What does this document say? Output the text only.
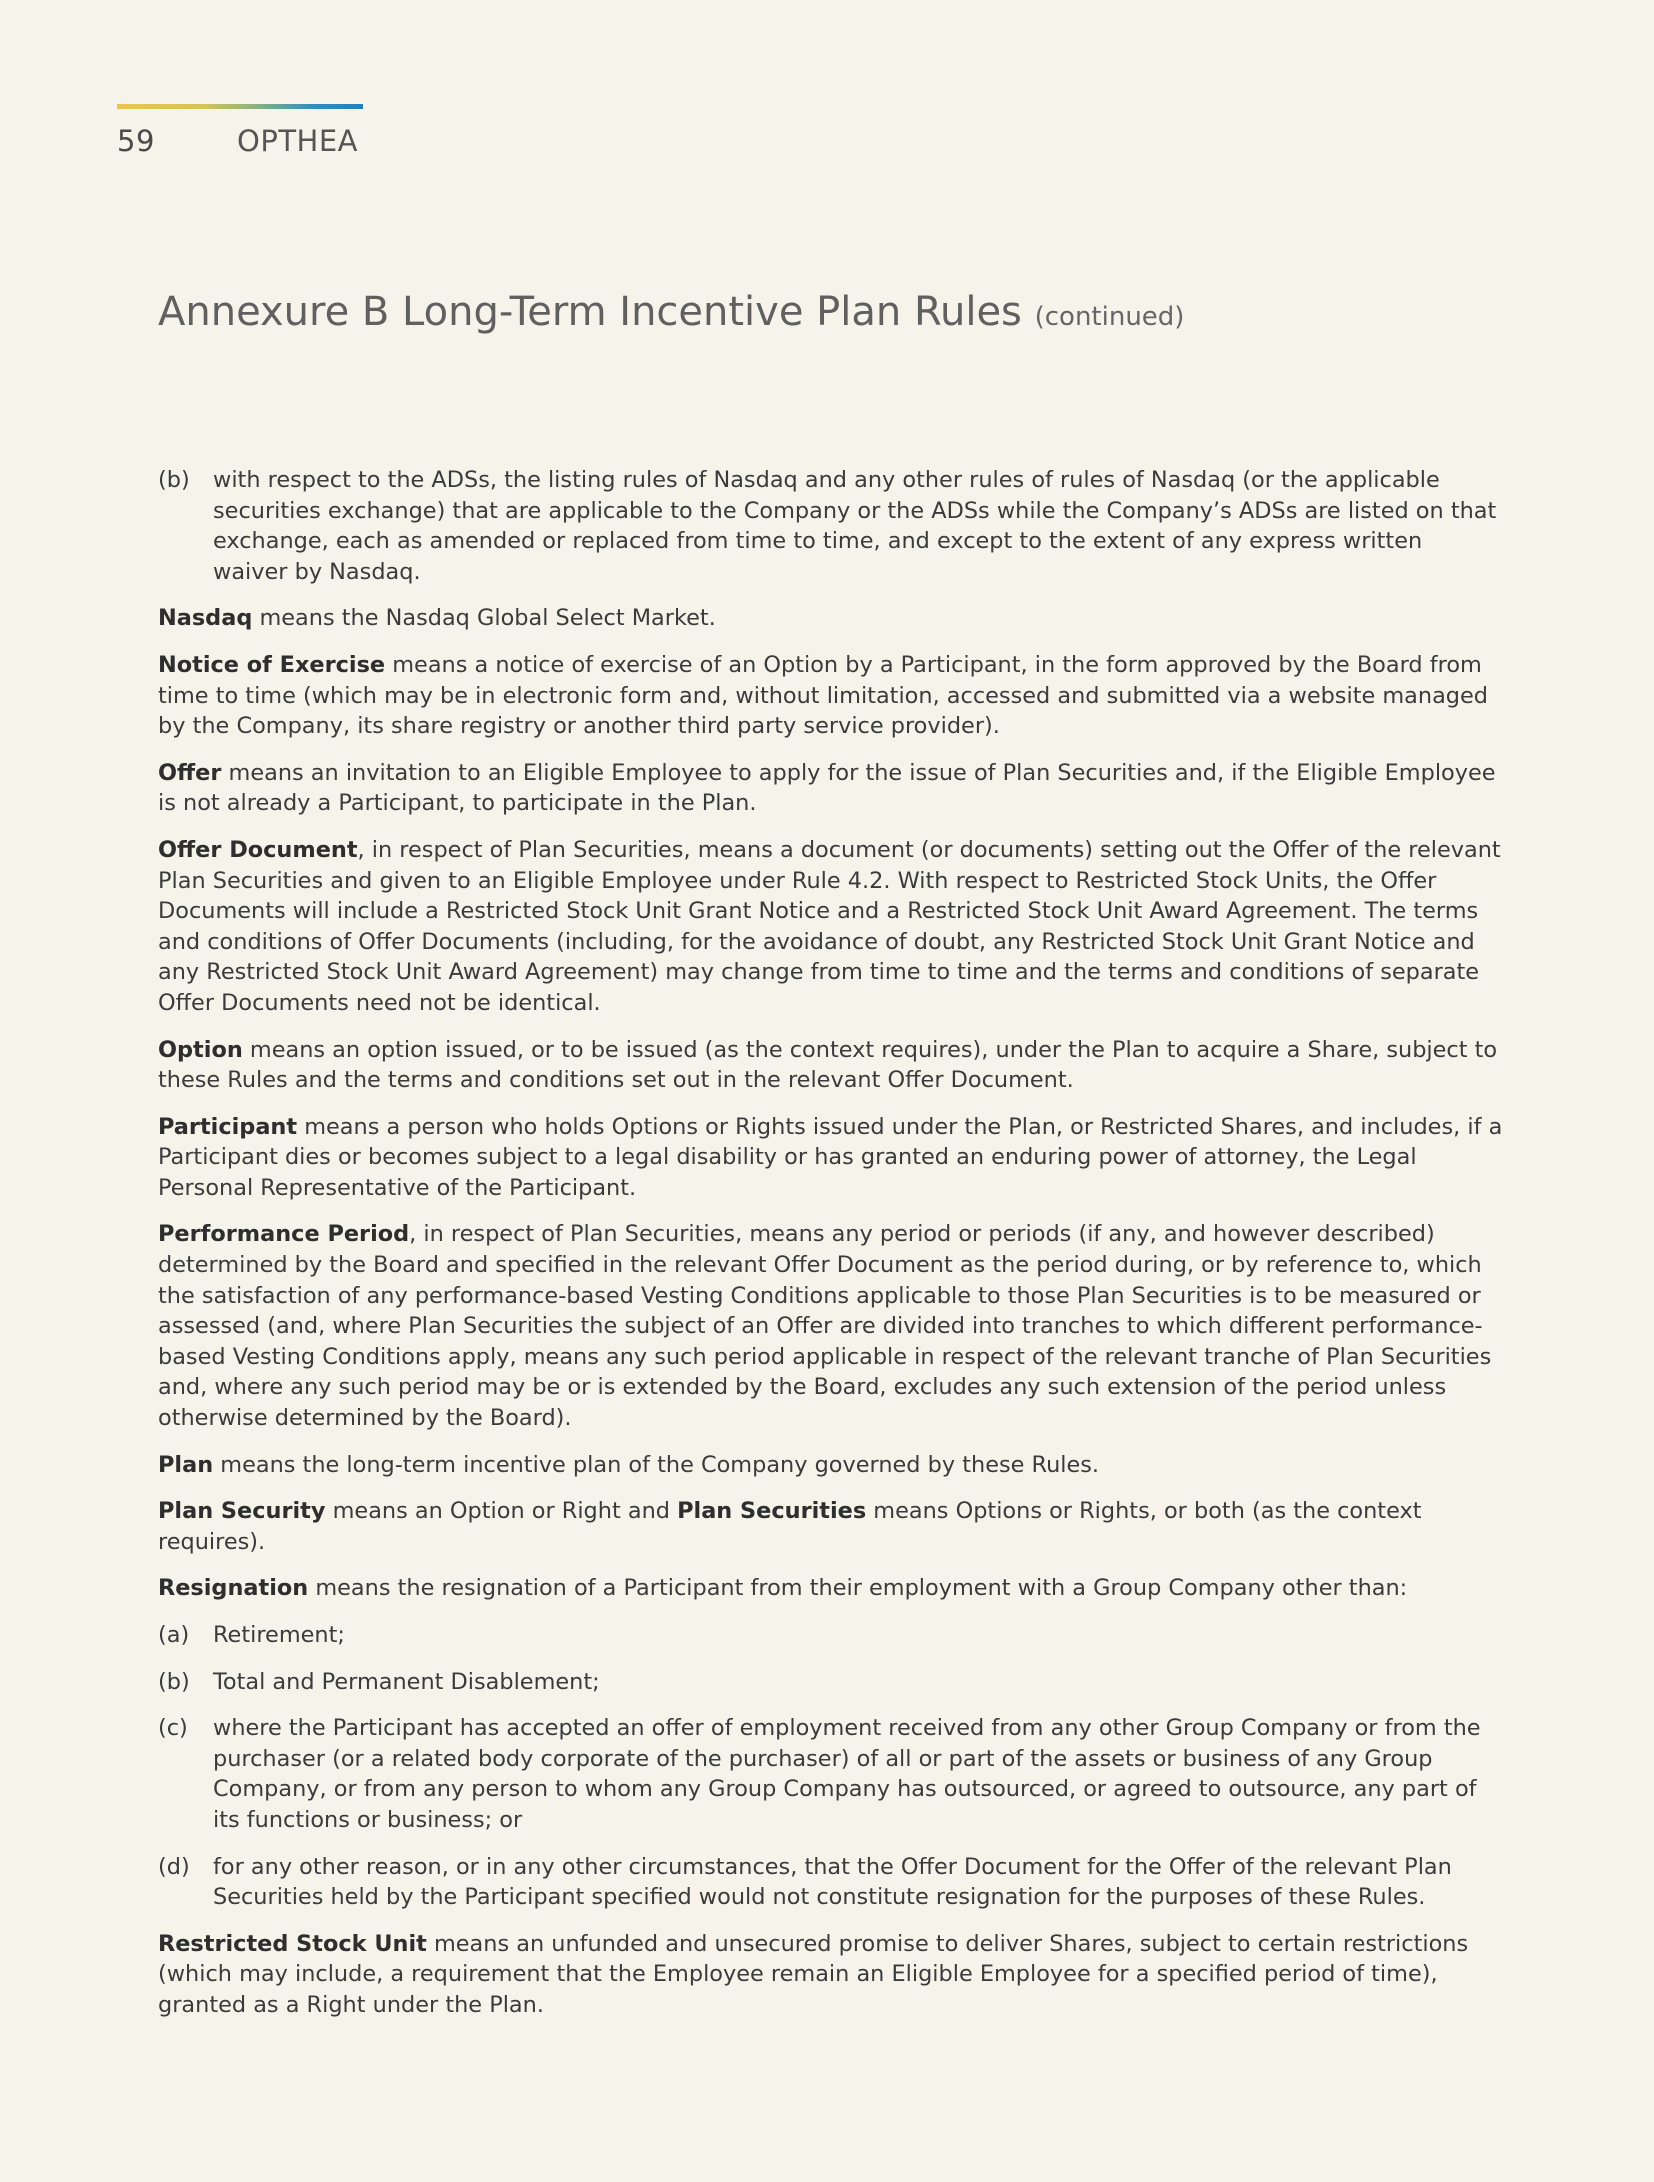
59	OPTHEA
Annexure B Long-Term Incentive Plan Rules (continued)
(b) with respect to the ADSs, the listing rules of Nasdaq and any other rules of rules of Nasdaq (or the applicable securities exchange) that are applicable to the Company or the ADSs while the Company’s ADSs are listed on that exchange, each as amended or replaced from time to time, and except to the extent of any express written waiver by Nasdaq.

Nasdaq means the Nasdaq Global Select Market.

Notice of Exercise means a notice of exercise of an Option by a Participant, in the form approved by the Board from time to time (which may be in electronic form and, without limitation, accessed and submitted via a website managed by the Company, its share registry or another third party service provider).

Offer means an invitation to an Eligible Employee to apply for the issue of Plan Securities and, if the Eligible Employee is not already a Participant, to participate in the Plan.

Offer Document, in respect of Plan Securities, means a document (or documents) setting out the Offer of the relevant Plan Securities and given to an Eligible Employee under Rule 4.2. With respect to Restricted Stock Units, the Offer Documents will include a Restricted Stock Unit Grant Notice and a Restricted Stock Unit Award Agreement. The terms and conditions of Offer Documents (including, for the avoidance of doubt, any Restricted Stock Unit Grant Notice and any Restricted Stock Unit Award Agreement) may change from time to time and the terms and conditions of separate Offer Documents need not be identical.

Option means an option issued, or to be issued (as the context requires), under the Plan to acquire a Share, subject to these Rules and the terms and conditions set out in the relevant Offer Document.

Participant means a person who holds Options or Rights issued under the Plan, or Restricted Shares, and includes, if a Participant dies or becomes subject to a legal disability or has granted an enduring power of attorney, the Legal Personal Representative of the Participant.

Performance Period, in respect of Plan Securities, means any period or periods (if any, and however described) determined by the Board and specified in the relevant Offer Document as the period during, or by reference to, which the satisfaction of any performance-based Vesting Conditions applicable to those Plan Securities is to be measured or assessed (and, where Plan Securities the subject of an Offer are divided into tranches to which different performance-based Vesting Conditions apply, means any such period applicable in respect of the relevant tranche of Plan Securities and, where any such period may be or is extended by the Board, excludes any such extension of the period unless otherwise determined by the Board).

Plan means the long-term incentive plan of the Company governed by these Rules.

Plan Security means an Option or Right and Plan Securities means Options or Rights, or both (as the context requires).

Resignation means the resignation of a Participant from their employment with a Group Company other than:

(a) Retirement;
(b) Total and Permanent Disablement;
(c) where the Participant has accepted an offer of employment received from any other Group Company or from the purchaser (or a related body corporate of the purchaser) of all or part of the assets or business of any Group Company, or from any person to whom any Group Company has outsourced, or agreed to outsource, any part of its functions or business; or
(d) for any other reason, or in any other circumstances, that the Offer Document for the Offer of the relevant Plan Securities held by the Participant specified would not constitute resignation for the purposes of these Rules.

Restricted Stock Unit means an unfunded and unsecured promise to deliver Shares, subject to certain restrictions (which may include, a requirement that the Employee remain an Eligible Employee for a specified period of time), granted as a Right under the Plan.
